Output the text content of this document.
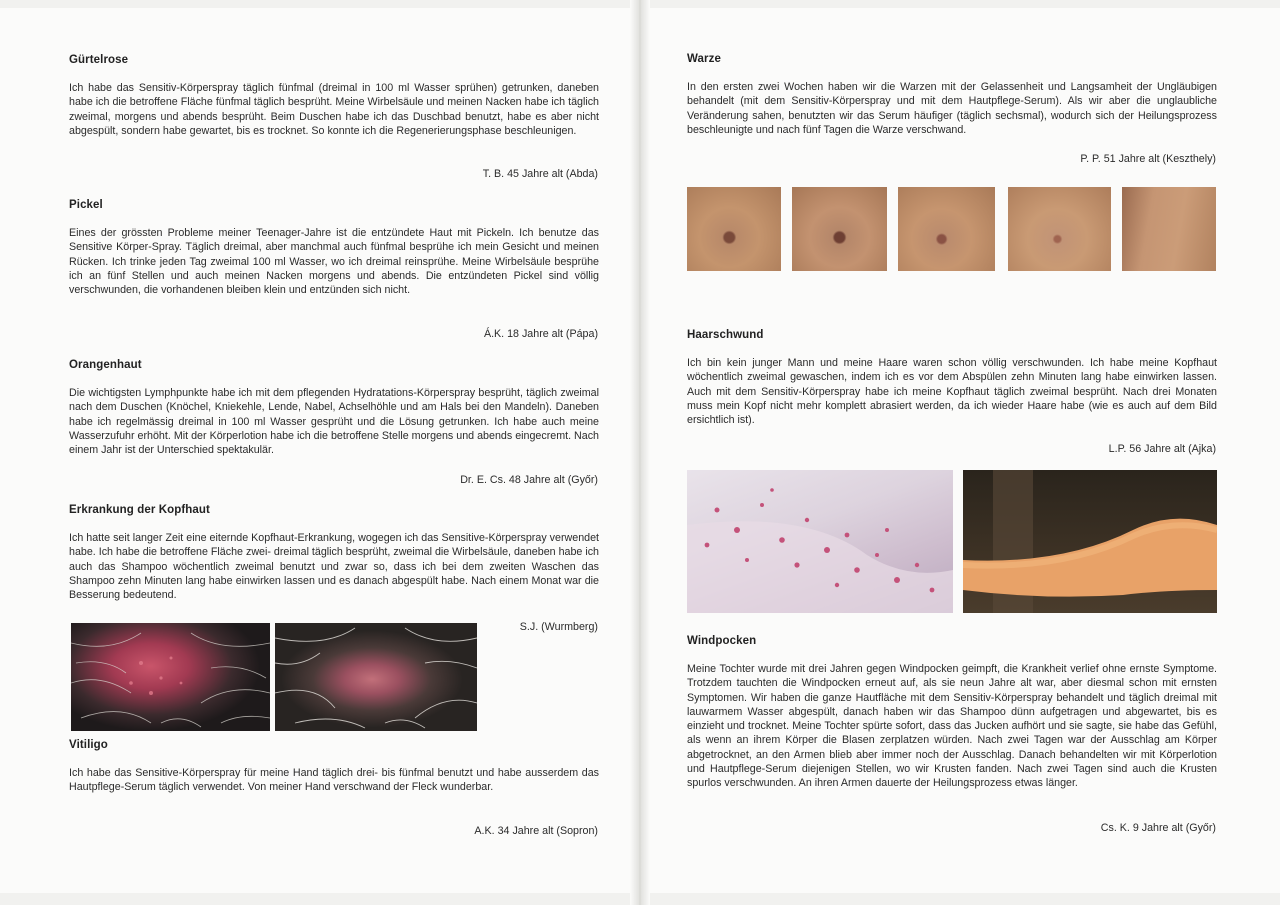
Gürtelrose

Ich habe das Sensitiv-Körperspray täglich fünfmal (dreimal in 100 ml Wasser sprühen) getrunken, daneben habe ich die betroffene Fläche fünfmal täglich besprüht. Meine Wirbelsäule und meinen Nacken habe ich täglich zweimal, morgens und abends besprüht. Beim Duschen habe ich das Duschbad benutzt, habe es aber nicht abgespült, sondern habe gewartet, bis es trocknet. So konnte ich die Regenerierungsphase beschleunigen.

T. B. 45 Jahre alt (Abda)
Pickel

Eines der grössten Probleme meiner Teenager-Jahre ist die entzündete Haut mit Pickeln. Ich benutze das Sensitive Körper-Spray. Täglich dreimal, aber manchmal auch fünfmal besprühe ich mein Gesicht und meinen Rücken. Ich trinke jeden Tag zweimal 100 ml Wasser, wo ich dreimal reinsprühe. Meine Wirbelsäule besprühe ich an fünf Stellen und auch meinen Nacken morgens und abends. Die entzündeten Pickel sind völlig verschwunden, die vorhandenen bleiben klein und entzünden sich nicht.

Á.K. 18 Jahre alt (Pápa)
Orangenhaut

Die wichtigsten Lymphpunkte habe ich mit dem pflegenden Hydratations-Körperspray besprüht, täglich zweimal nach dem Duschen (Knöchel, Kniekehle, Lende, Nabel, Achselhöhle und am Hals bei den Mandeln). Daneben habe ich regelmässig dreimal in 100 ml Wasser gesprüht und die Lösung getrunken. Ich habe auch meine Wasserzufuhr erhöht. Mit der Körperlotion habe ich die betroffene Stelle morgens und abends eingecremt. Nach einem Jahr ist der Unterschied spektakulär.

Dr. E. Cs. 48 Jahre alt (Győr)
Erkrankung der Kopfhaut

Ich hatte seit langer Zeit eine eiternde Kopfhaut-Erkrankung, wogegen ich das Sensitive-Körperspray verwendet habe. Ich habe die betroffene Fläche zwei- dreimal täglich besprüht, zweimal die Wirbelsäule, daneben habe ich auch das Shampoo wöchentlich zweimal benutzt und zwar so, dass ich bei dem zweiten Waschen das Shampoo zehn Minuten lang habe einwirken lassen und es danach abgespült habe. Nach einem Monat war die Besserung bedeutend.

S.J. (Wurmberg)
Vitiligo

Ich habe das Sensitive-Körperspray für meine Hand täglich drei- bis fünfmal benutzt und habe ausserdem das Hautpflege-Serum täglich verwendet. Von meiner Hand verschwand der Fleck wunderbar.

A.K. 34 Jahre alt (Sopron)
Warze

In den ersten zwei Wochen haben wir die Warzen mit der Gelassenheit und Langsamheit der Ungläubigen behandelt (mit dem Sensitiv-Körperspray und mit dem Hautpflege-Serum). Als wir aber die unglaubliche Veränderung sahen, benutzten wir das Serum häufiger (täglich sechsmal), wodurch sich der Heilungsprozess beschleunigte und nach fünf Tagen die Warze verschwand.

P. P. 51 Jahre alt (Keszthely)
Haarschwund

Ich bin kein junger Mann und meine Haare waren schon völlig verschwunden. Ich habe meine Kopfhaut wöchentlich zweimal gewaschen, indem ich es vor dem Abspülen zehn Minuten lang habe einwirken lassen. Auch mit dem Sensitiv-Körperspray habe ich meine Kopfhaut täglich zweimal besprüht. Nach drei Monaten muss mein Kopf nicht mehr komplett abrasiert werden, da ich wieder Haare habe (wie es auch auf dem Bild ersichtlich ist).

L.P. 56 Jahre alt (Ajka)
Windpocken

Meine Tochter wurde mit drei Jahren gegen Windpocken geimpft, die Krankheit verlief ohne ernste Symptome. Trotzdem tauchten die Windpocken erneut auf, als sie neun Jahre alt war, aber diesmal schon mit ernsten Symptomen. Wir haben die ganze Hautfläche mit dem Sensitiv-Körperspray behandelt und täglich dreimal mit lauwarmem Wasser abgespült, danach haben wir das Shampoo dünn aufgetragen und abgewartet, bis es einzieht und trocknet. Meine Tochter spürte sofort, dass das Jucken aufhört und sie sagte, sie habe das Gefühl, als wenn an ihrem Körper die Blasen zerplatzen würden. Nach zwei Tagen war der Ausschlag am Körper abgetrocknet, an den Armen blieb aber immer noch der Ausschlag. Danach behandelten wir mit Körperlotion und Hautpflege-Serum diejenigen Stellen, wo wir Krusten fanden. Nach zwei Tagen sind auch die Krusten spurlos verschwunden. An ihren Armen dauerte der Heilungsprozess etwas länger.

Cs. K. 9 Jahre alt (Győr)
